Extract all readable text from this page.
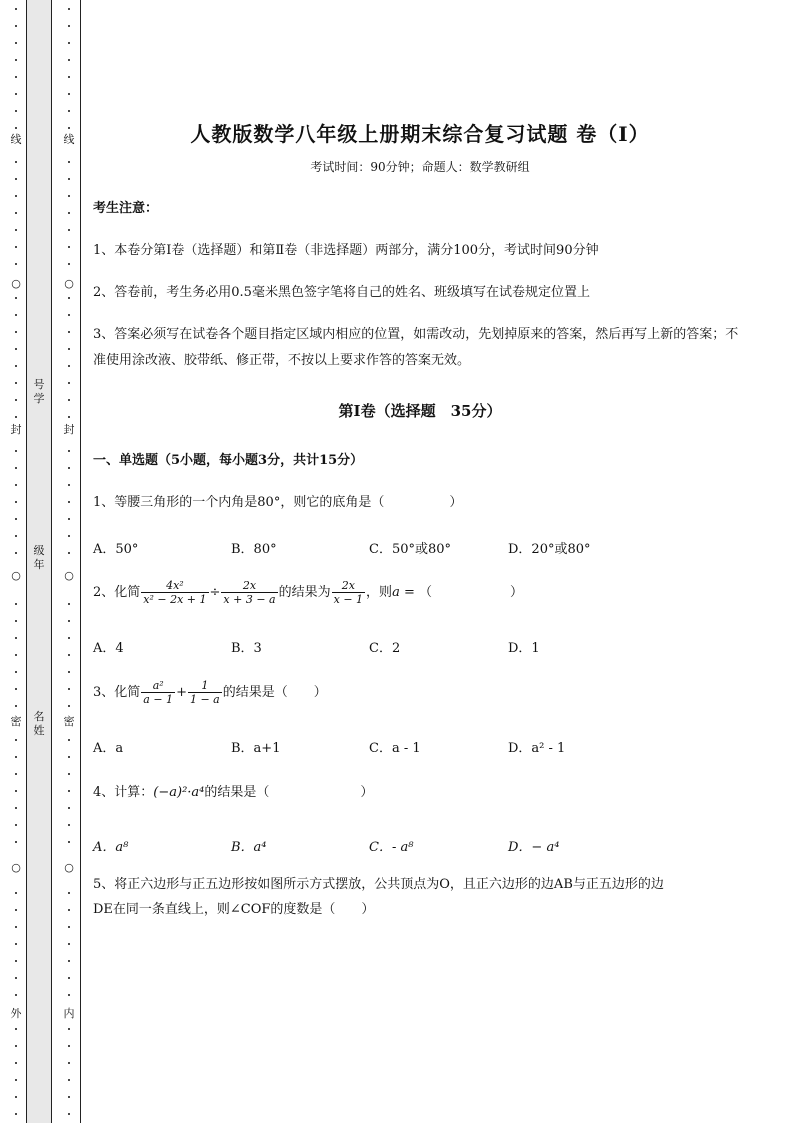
线
○
封
○
密
○
外
线
○
封
○
密
○
内
号学
级年
名姓
人教版数学八年级上册期末综合复习试题 卷（Ⅰ）
考试时间：90分钟；命题人：数学教研组
考生注意：
1、本卷分第Ⅰ卷（选择题）和第Ⅱ卷（非选择题）两部分，满分100分，考试时间90分钟
2、答卷前，考生务必用0.5毫米黑色签字笔将自己的姓名、班级填写在试卷规定位置上
3、答案必须写在试卷各个题目指定区域内相应的位置，如需改动，先划掉原来的答案，然后再写上新的答案；不准使用涂改液、胶带纸、修正带，不按以上要求作答的答案无效。
第Ⅰ卷（选择题　35分）
一、单选题（5小题，每小题3分，共计15分）
1、等腰三角形的一个内角是80°，则它的底角是（　　　　　）
A．50°	B．80°	C．50°或80°	D．20°或80°
2、化简 $\frac{\text{4x²}}{\text{x² − 2x + 1}} \div \frac{2x}{x + 3 - a}$ 的结果为 $\frac{2x}{x - 1}$ ，则a = （　　　　　　）
A．4	B．3	C．2	D．1
3、化简 $\frac{\text{a²}}{a - 1} + \frac{1}{1 - a}$ 的结果是（　　）
A．a	B．a+1	C．a - 1	D．a² - 1
4、计算：(−a)²·a⁴的结果是（　　　　　　　）
A．a⁸	B．a⁴	C．- a⁸	D．− a⁴
5、将正六边形与正五边形按如图所示方式摆放，公共顶点为O，且正六边形的边AB与正五边形的边
DE在同一条直线上，则∠COF的度数是（　　）
